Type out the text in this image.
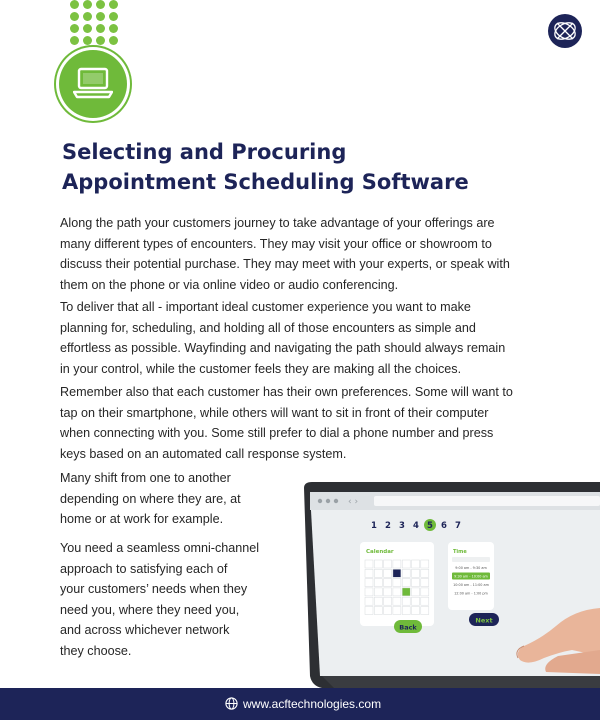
Selecting and Procuring
Appointment Scheduling Software
Along the path your customers journey to take advantage of your offerings are
many different types of encounters. They may visit your office or showroom to
discuss their potential purchase. They may meet with your experts, or speak with
them on the phone or via online video or audio conferencing.
To deliver that all - important ideal customer experience you want to make
planning for, scheduling, and holding all of those encounters as simple and
effortless as possible. Wayfinding and navigating the path should always remain
in your control, while the customer feels they are making all the choices.
Remember also that each customer has their own preferences. Some will want to
tap on their smartphone, while others will want to sit in front of their computer
when connecting with you. Some still prefer to dial a phone number and press
keys based on an automated call response system.
Many shift from one to another
depending on where they are, at
home or at work for example.
You need a seamless omni-channel
approach to satisfying each of
your customers’ needs when they
need you, where they need you,
and across whichever network
they choose.
‹ ›
1 2 3 4 5 6 7
Calendar	Time
9:00 am - 9:30 am
9:30 am - 10:00 am
10:00 am - 11:00 am
12:00 am - 1:00 pm
Back
Next
www.acftechnologies.com
